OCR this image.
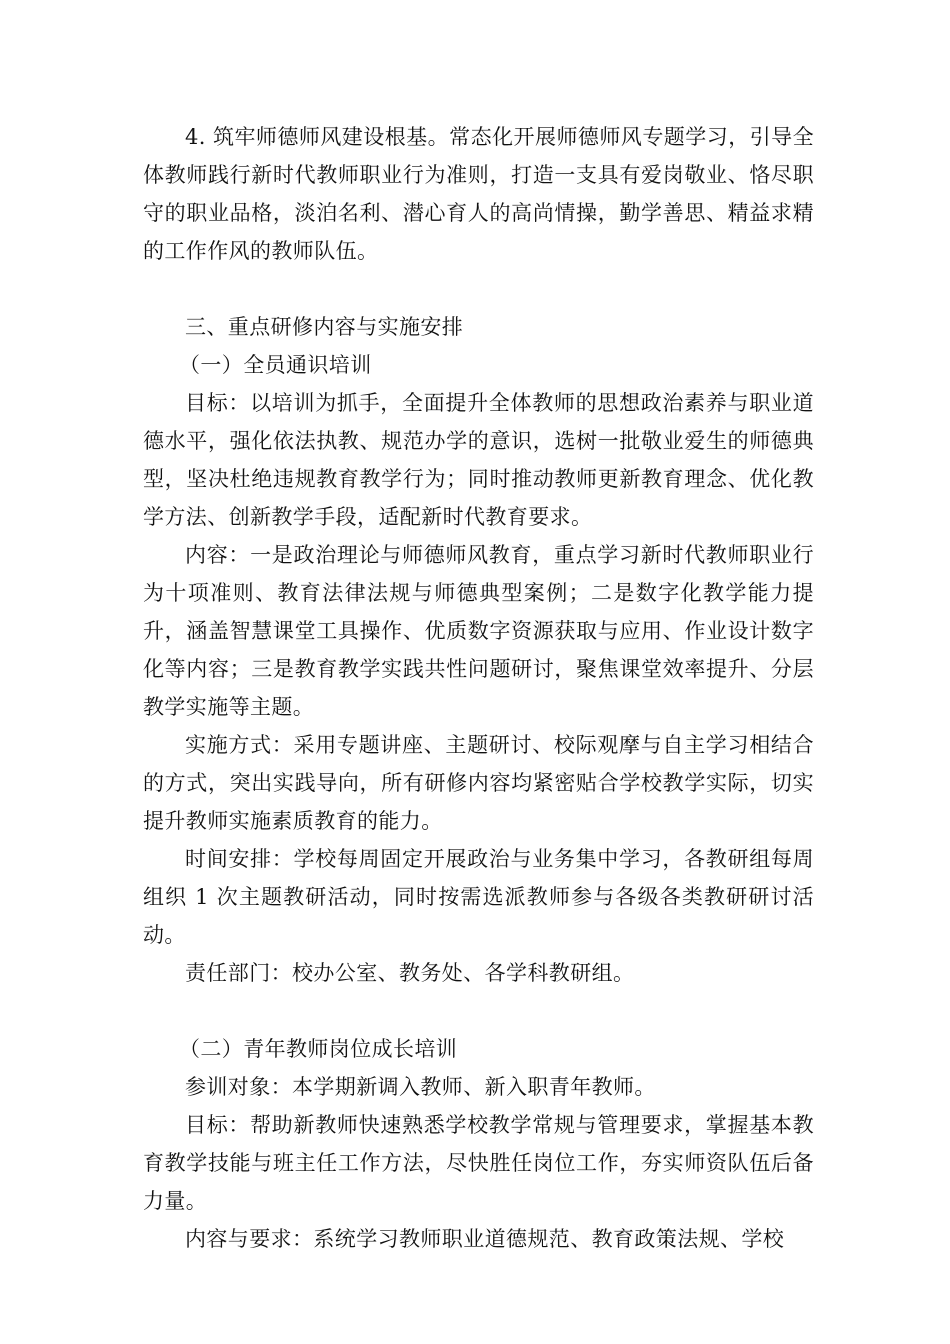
4. 筑牢师德师风建设根基。常态化开展师德师风专题学习，引导全体教师践行新时代教师职业行为准则，打造一支具有爱岗敬业、恪尽职守的职业品格，淡泊名利、潜心育人的高尚情操，勤学善思、精益求精的工作作风的教师队伍。

三、重点研修内容与实施安排

（一）全员通识培训

目标：以培训为抓手，全面提升全体教师的思想政治素养与职业道德水平，强化依法执教、规范办学的意识，选树一批敬业爱生的师德典型，坚决杜绝违规教育教学行为；同时推动教师更新教育理念、优化教学方法、创新教学手段，适配新时代教育要求。

内容：一是政治理论与师德师风教育，重点学习新时代教师职业行为十项准则、教育法律法规与师德典型案例；二是数字化教学能力提升，涵盖智慧课堂工具操作、优质数字资源获取与应用、作业设计数字化等内容；三是教育教学实践共性问题研讨，聚焦课堂效率提升、分层教学实施等主题。

实施方式：采用专题讲座、主题研讨、校际观摩与自主学习相结合的方式，突出实践导向，所有研修内容均紧密贴合学校教学实际，切实提升教师实施素质教育的能力。

时间安排：学校每周固定开展政治与业务集中学习，各教研组每周组织 1 次主题教研活动，同时按需选派教师参与各级各类教研研讨活动。

责任部门：校办公室、教务处、各学科教研组。

（二）青年教师岗位成长培训

参训对象：本学期新调入教师、新入职青年教师。

目标：帮助新教师快速熟悉学校教学常规与管理要求，掌握基本教育教学技能与班主任工作方法，尽快胜任岗位工作，夯实师资队伍后备力量。

内容与要求：系统学习教师职业道德规范、教育政策法规、学校
